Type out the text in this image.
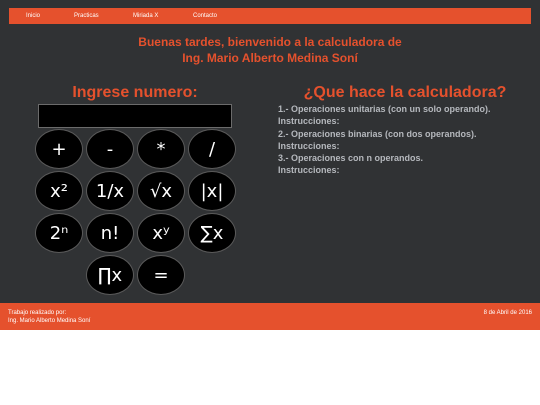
Inicio	Practicas	Miriada X	Contacto
Buenas tardes, bienvenido a la calculadora de
Ing. Mario Alberto Medina Soní
Ingrese numero:
+	-	*	/
x²	1/x	√x	|x|
2ⁿ	n!	xʸ	∑x
∏x	=
¿Que hace la calculadora?
1.- Operaciones unitarias (con un solo operando).
Instrucciones:
2.- Operaciones binarias (con dos operandos).
Instrucciones:
3.- Operaciones con n operandos.
Instrucciones:
Trabajo realizado por:
Ing. Mario Alberto Medina Soní
8 de Abril de 2016
